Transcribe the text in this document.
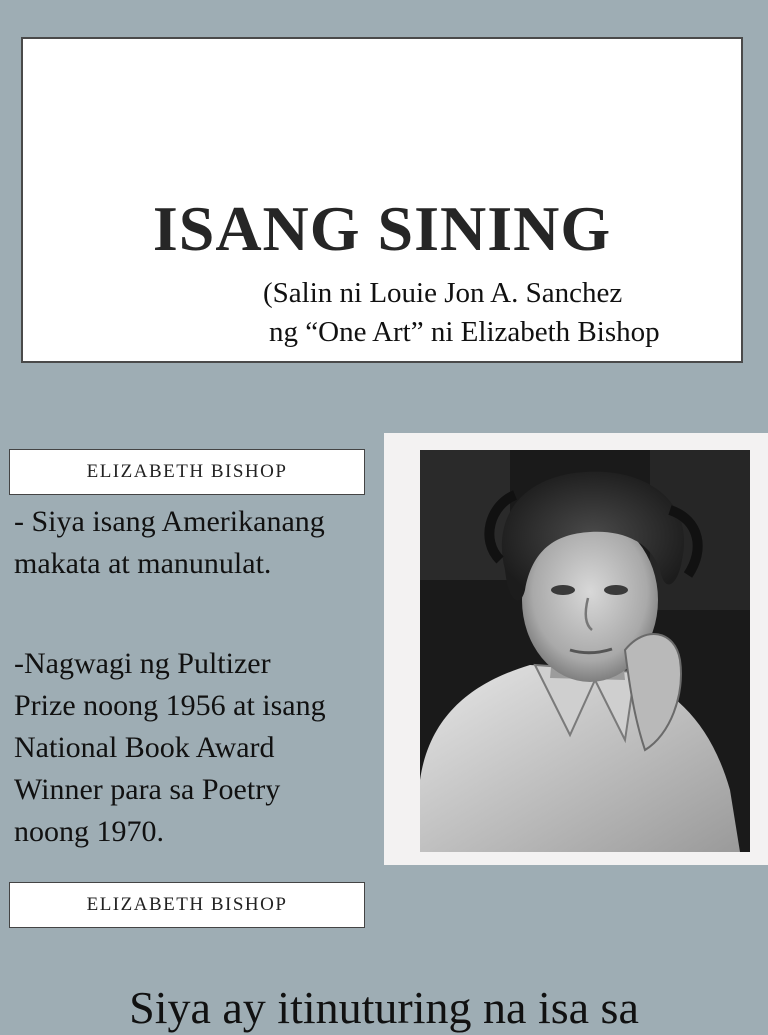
ISANG SINING
(Salin ni Louie Jon A. Sanchez
ng “One Art” ni Elizabeth Bishop
ELIZABETH BISHOP
- Siya isang Amerikanang
makata at manunulat.
-Nagwagi ng Pultizer
Prize noong 1956 at isang
National Book Award
Winner para sa Poetry
noong 1970.
ELIZABETH BISHOP
Siya ay itinuturing na isa sa
